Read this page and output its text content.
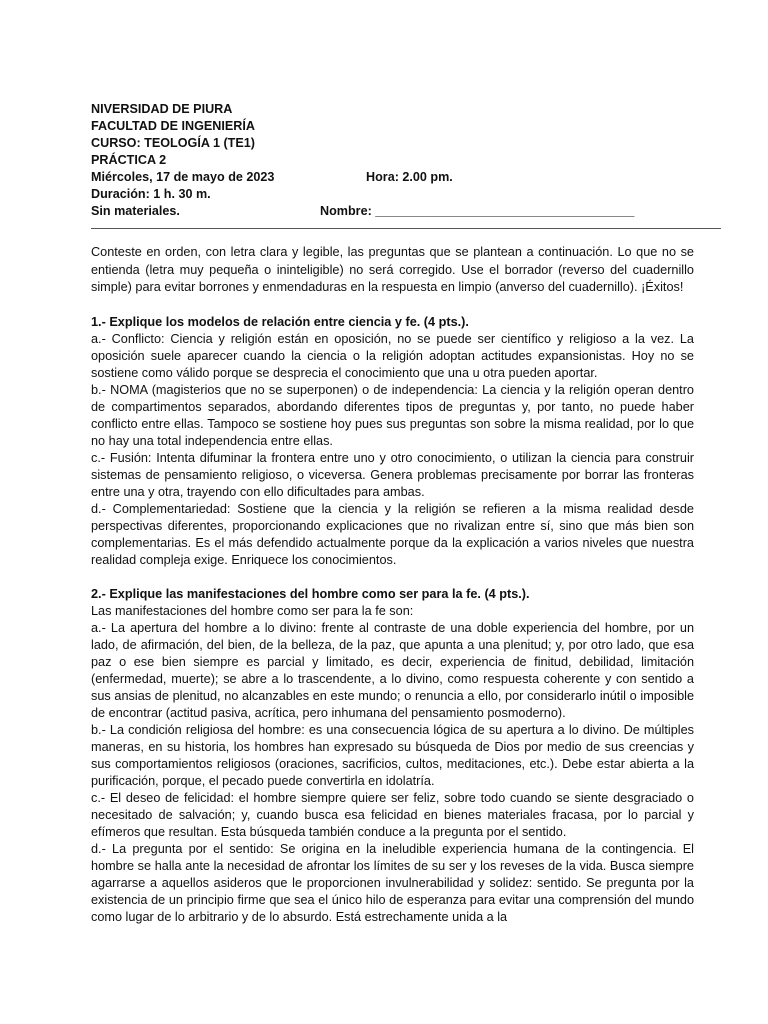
NIVERSIDAD DE PIURA
FACULTAD DE INGENIERÍA
CURSO: TEOLOGÍA 1 (TE1)
PRÁCTICA 2
Miércoles, 17 de mayo de 2023	Hora: 2.00 pm.
Duración: 1 h. 30 m.
Sin materiales.	Nombre: _____________________________________

Conteste en orden, con letra clara y legible, las preguntas que se plantean a continuación. Lo que no se entienda (letra muy pequeña o ininteligible) no será corregido. Use el borrador (reverso del cuadernillo simple) para evitar borrones y enmendaduras en la respuesta en limpio (anverso del cuadernillo). ¡Éxitos!

1.- Explique los modelos de relación entre ciencia y fe. (4 pts.).

a.- Conflicto: Ciencia y religión están en oposición, no se puede ser científico y religioso a la vez. La oposición suele aparecer cuando la ciencia o la religión adoptan actitudes expansionistas. Hoy no se sostiene como válido porque se desprecia el conocimiento que una u otra pueden aportar.

b.- NOMA (magisterios que no se superponen) o de independencia: La ciencia y la religión operan dentro de compartimentos separados, abordando diferentes tipos de preguntas y, por tanto, no puede haber conflicto entre ellas. Tampoco se sostiene hoy pues sus preguntas son sobre la misma realidad, por lo que no hay una total independencia entre ellas.

c.- Fusión: Intenta difuminar la frontera entre uno y otro conocimiento, o utilizan la ciencia para construir sistemas de pensamiento religioso, o viceversa. Genera problemas precisamente por borrar las fronteras entre una y otra, trayendo con ello dificultades para ambas.

d.- Complementariedad: Sostiene que la ciencia y la religión se refieren a la misma realidad desde perspectivas diferentes, proporcionando explicaciones que no rivalizan entre sí, sino que más bien son complementarias. Es el más defendido actualmente porque da la explicación a varios niveles que nuestra realidad compleja exige. Enriquece los conocimientos.

2.- Explique las manifestaciones del hombre como ser para la fe. (4 pts.).

Las manifestaciones del hombre como ser para la fe son:

a.- La apertura del hombre a lo divino: frente al contraste de una doble experiencia del hombre, por un lado, de afirmación, del bien, de la belleza, de la paz, que apunta a una plenitud; y, por otro lado, que esa paz o ese bien siempre es parcial y limitado, es decir, experiencia de finitud, debilidad, limitación (enfermedad, muerte); se abre a lo trascendente, a lo divino, como respuesta coherente y con sentido a sus ansias de plenitud, no alcanzables en este mundo; o renuncia a ello, por considerarlo inútil o imposible de encontrar (actitud pasiva, acrítica, pero inhumana del pensamiento posmoderno).

b.- La condición religiosa del hombre: es una consecuencia lógica de su apertura a lo divino. De múltiples maneras, en su historia, los hombres han expresado su búsqueda de Dios por medio de sus creencias y sus comportamientos religiosos (oraciones, sacrificios, cultos, meditaciones, etc.). Debe estar abierta a la purificación, porque, el pecado puede convertirla en idolatría.

c.- El deseo de felicidad: el hombre siempre quiere ser feliz, sobre todo cuando se siente desgraciado o necesitado de salvación; y, cuando busca esa felicidad en bienes materiales fracasa, por lo parcial y efímeros que resultan. Esta búsqueda también conduce a la pregunta por el sentido.

d.- La pregunta por el sentido: Se origina en la ineludible experiencia humana de la contingencia. El hombre se halla ante la necesidad de afrontar los límites de su ser y los reveses de la vida. Busca siempre agarrarse a aquellos asideros que le proporcionen invulnerabilidad y solidez: sentido. Se pregunta por la existencia de un principio firme que sea el único hilo de esperanza para evitar una comprensión del mundo como lugar de lo arbitrario y de lo absurdo. Está estrechamente unida a la
